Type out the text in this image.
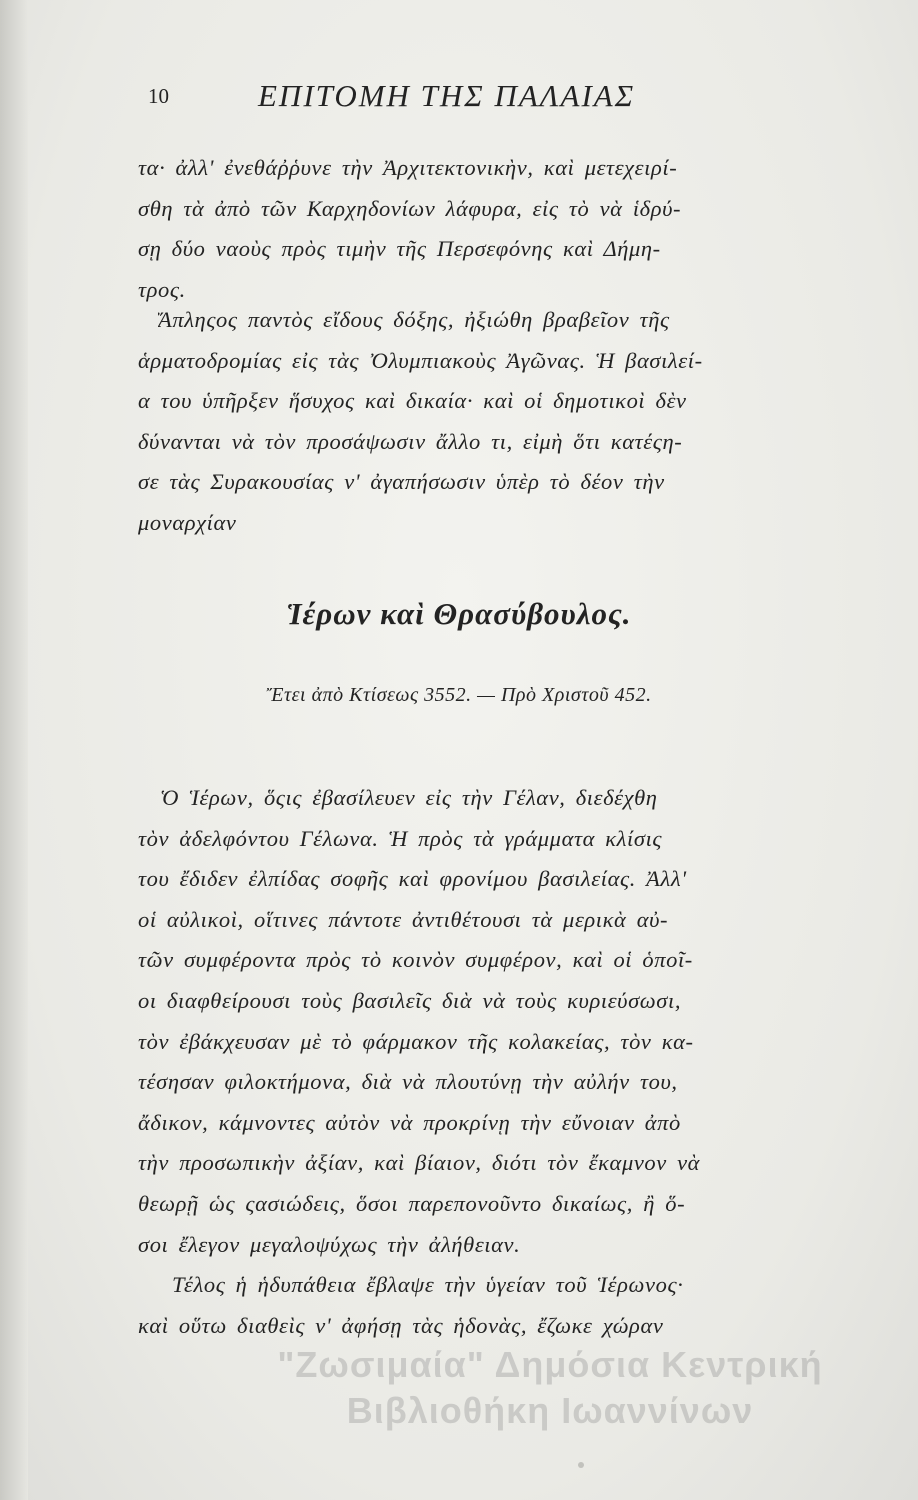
10	ΕΠΙΤΟΜΗ ΤΗΣ ΠΑΛΑΙΑΣ
τα· ἀλλ' ἐνεθάῤῥυνε τὴν Ἀρχιτεκτονικὴν, καὶ μετεχειρί-
σθη τὰ ἀπὸ τῶν Καρχηδονίων λάφυρα, εἰς τὸ νὰ ἱδρύ-
σῃ δύο ναοὺς πρὸς τιμὴν τῆς Περσεφόνης καὶ Δήμη-
τρος.
Ἄπληςος παντὸς εἴδους δόξης, ἠξιώθη βραβεῖον τῆς
ἁρματοδρομίας εἰς τὰς Ὀλυμπιακοὺς Ἀγῶνας. Ἡ βασιλεί-
α του ὑπῆρξεν ἥσυχος καὶ δικαία· καὶ οἱ δημοτικοὶ δὲν
δύνανται νὰ τὸν προσάψωσιν ἄλλο τι, εἰμὴ ὅτι κατέςη-
σε τὰς Συρακουσίας ν' ἀγαπήσωσιν ὑπὲρ τὸ δέον τὴν
μοναρχίαν
Ἱέρων καὶ Θρασύβουλος.
Ἔτει ἀπὸ Κτίσεως 3552. — Πρὸ Χριστοῦ 452.
Ὁ Ἱέρων, ὅςις ἐβασίλευεν εἰς τὴν Γέλαν, διεδέχθη
τὸν ἀδελφόντου Γέλωνα. Ἡ πρὸς τὰ γράμματα κλίσις
του ἔδιδεν ἐλπίδας σοφῆς καὶ φρονίμου βασιλείας. Ἀλλ'
οἱ αὐλικοὶ, οἵτινες πάντοτε ἀντιθέτουσι τὰ μερικὰ αὐ-
τῶν συμφέροντα πρὸς τὸ κοινὸν συμφέρον, καὶ οἱ ὁποῖ-
οι διαφθείρουσι τοὺς βασιλεῖς διὰ νὰ τοὺς κυριεύσωσι,
τὸν ἐβάκχευσαν μὲ τὸ φάρμακον τῆς κολακείας, τὸν κα-
τέσησαν φιλοκτήμονα, διὰ νὰ πλουτύνῃ τὴν αὐλήν του,
ἄδικον, κάμνοντες αὐτὸν νὰ προκρίνῃ τὴν εὔνοιαν ἀπὸ
τὴν προσωπικὴν ἀξίαν, καὶ βίαιον, διότι τὸν ἔκαμνον νὰ
θεωρῇ ὡς ςασιώδεις, ὅσοι παρεπονοῦντο δικαίως, ἢ ὅ-
σοι ἔλεγον μεγαλοψύχως τὴν ἀλήθειαν.
Τέλος ἡ ἡδυπάθεια ἔβλαψε τὴν ὑγείαν τοῦ Ἱέρωνος·
καὶ οὕτω διαθεὶς ν' ἀφήσῃ τὰς ἡδονὰς, ἔζωκε χώραν
"Ζωσιμαία" Δημόσια Κεντρική
Βιβλιοθήκη Ιωαννίνων
